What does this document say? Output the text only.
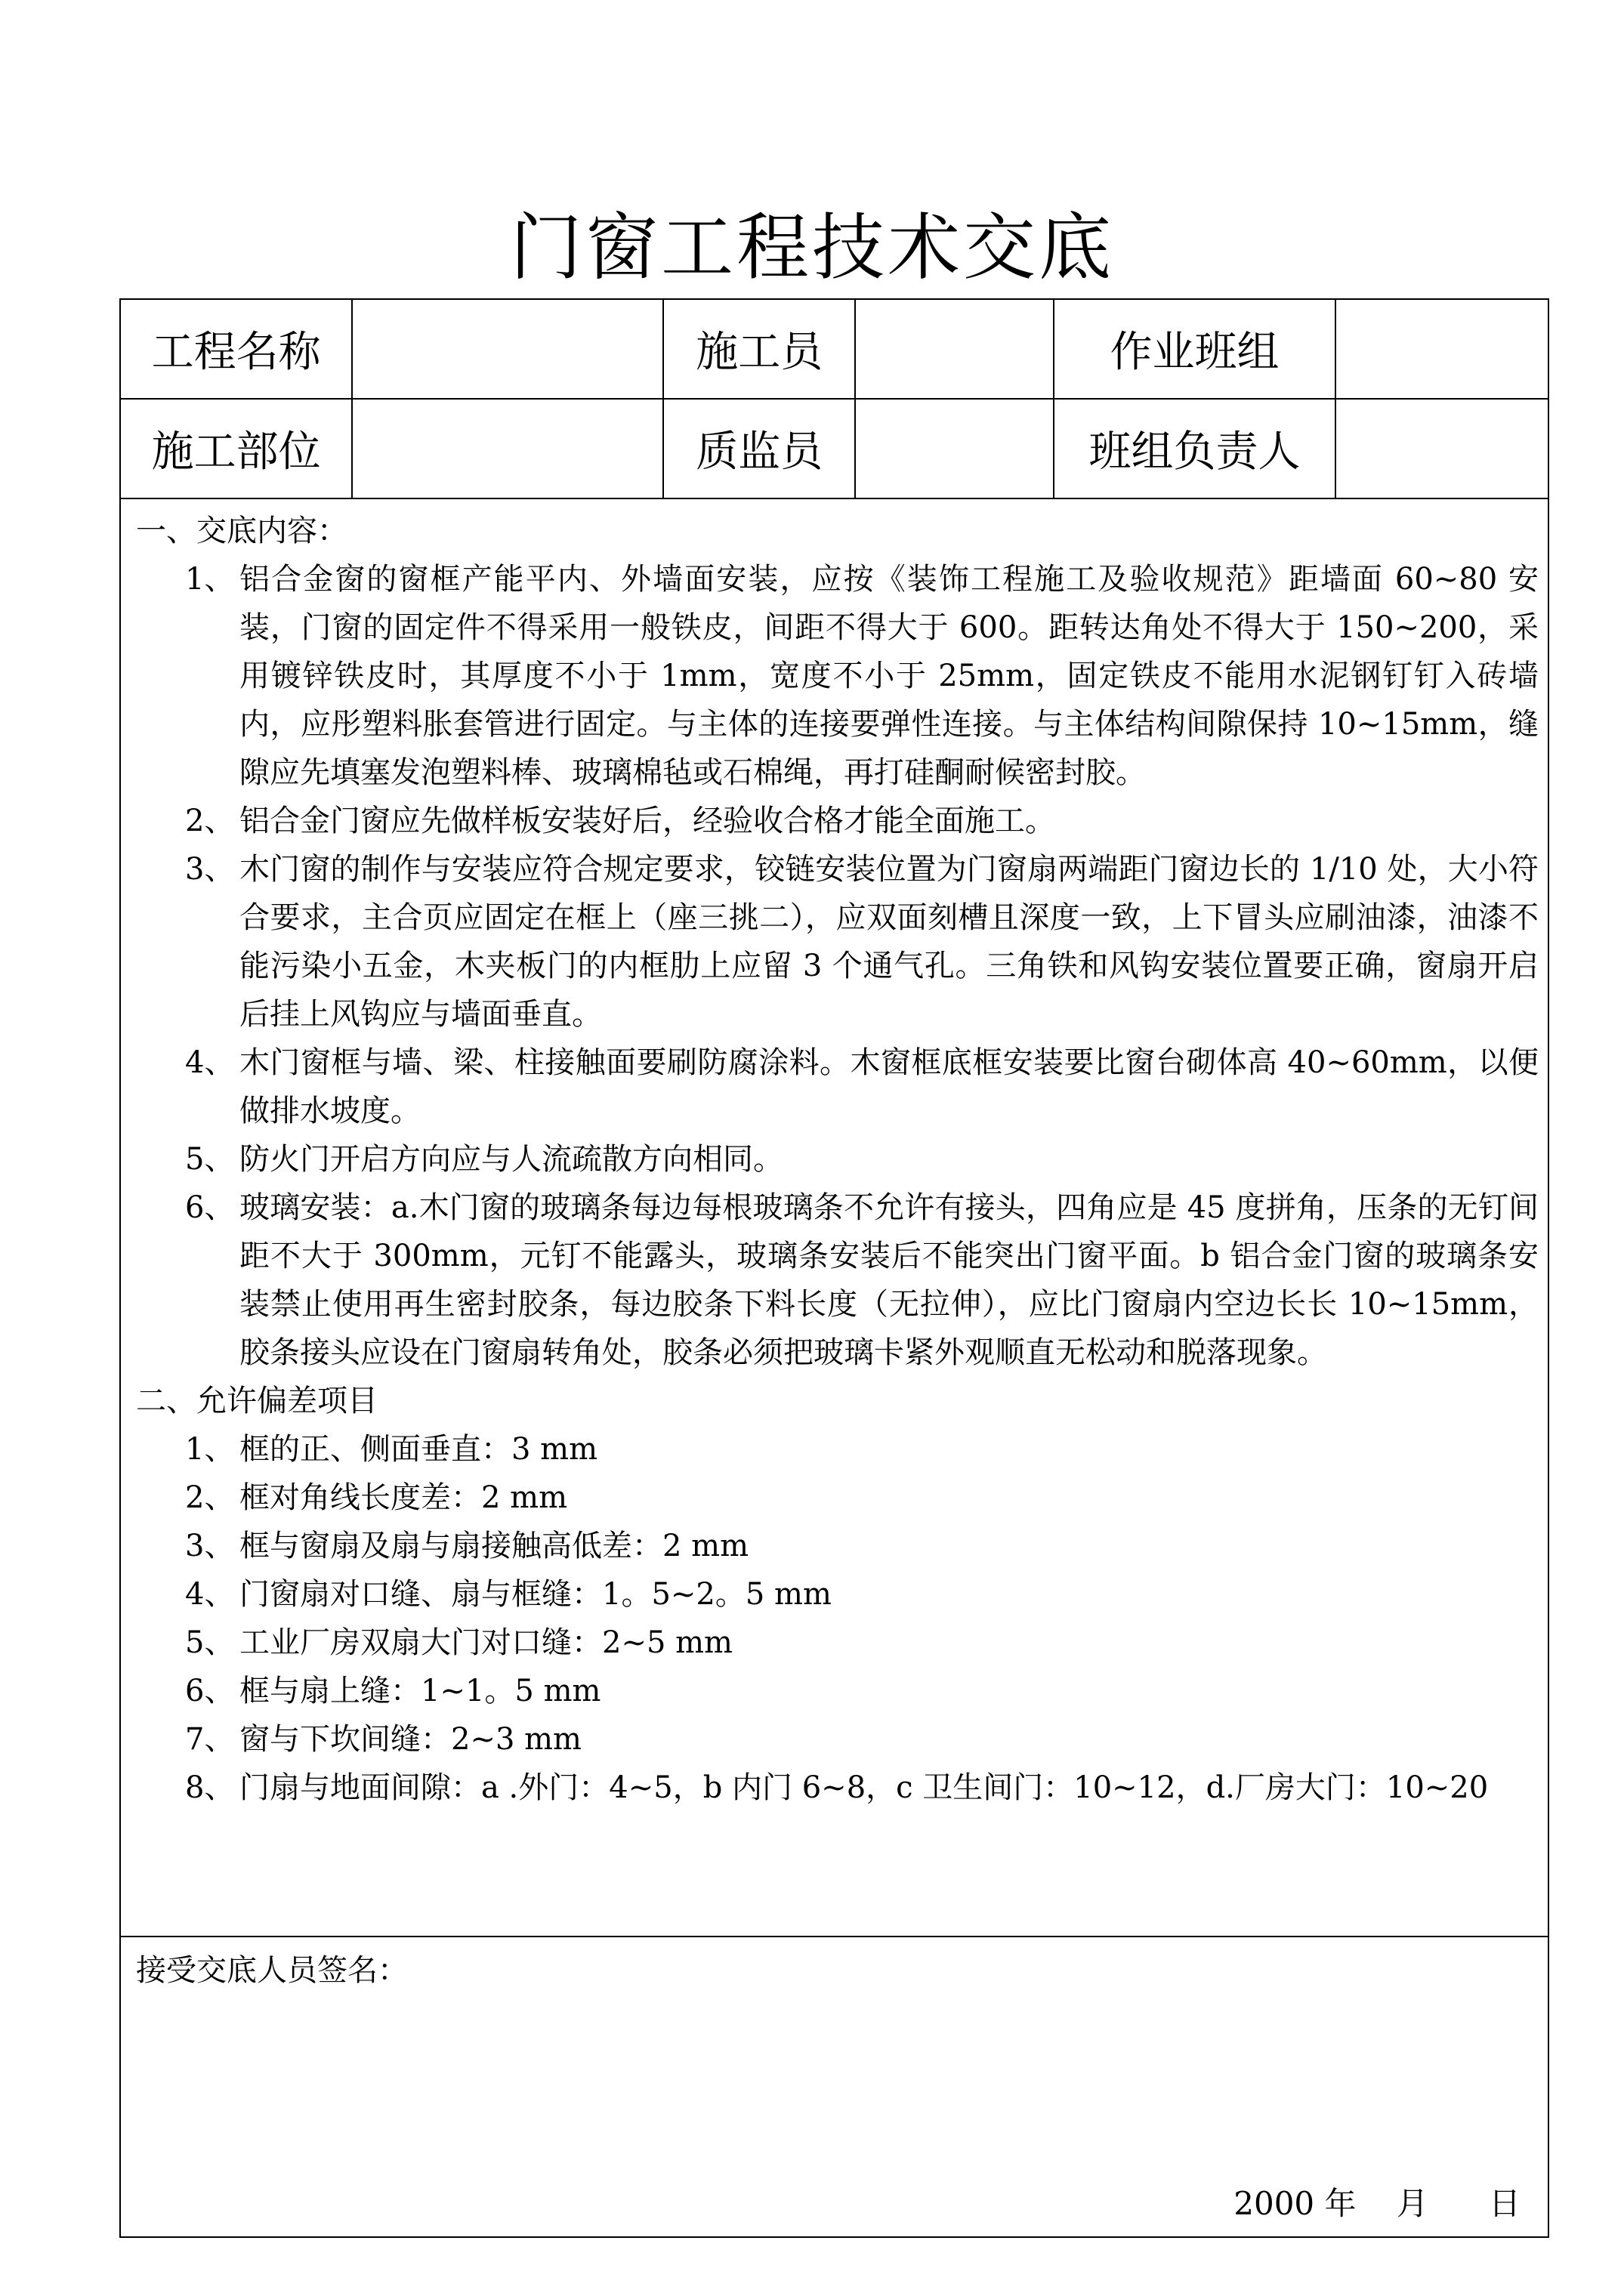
门窗工程技术交底
工程名称	施工员	作业班组
施工部位	质监员	班组负责人
一、交底内容：
1、 铝合金窗的窗框产能平内、外墙面安装，应按《装饰工程施工及验收规范》距墙面 60~80 安装，门窗的固定件不得采用一般铁皮，间距不得大于 600。距转达角处不得大于 150~200，采用镀锌铁皮时，其厚度不小于 1mm，宽度不小于 25mm，固定铁皮不能用水泥钢钉钉入砖墙内，应彤塑料胀套管进行固定。与主体的连接要弹性连接。与主体结构间隙保持 10~15mm，缝隙应先填塞发泡塑料棒、玻璃棉毡或石棉绳，再打硅酮耐候密封胶。
2、 铝合金门窗应先做样板安装好后，经验收合格才能全面施工。
3、 木门窗的制作与安装应符合规定要求，铰链安装位置为门窗扇两端距门窗边长的 1/10 处，大小符合要求，主合页应固定在框上（座三挑二），应双面刻槽且深度一致，上下冒头应刷油漆，油漆不能污染小五金，木夹板门的内框肋上应留 3 个通气孔。三角铁和风钩安装位置要正确，窗扇开启后挂上风钩应与墙面垂直。
4、 木门窗框与墙、梁、柱接触面要刷防腐涂料。木窗框底框安装要比窗台砌体高 40~60mm，以便做排水坡度。
5、 防火门开启方向应与人流疏散方向相同。
6、 玻璃安装：a.木门窗的玻璃条每边每根玻璃条不允许有接头，四角应是 45 度拼角，压条的无钉间距不大于 300mm，元钉不能露头，玻璃条安装后不能突出门窗平面。b 铝合金门窗的玻璃条安装禁止使用再生密封胶条，每边胶条下料长度（无拉伸），应比门窗扇内空边长长 10~15mm，胶条接头应设在门窗扇转角处，胶条必须把玻璃卡紧外观顺直无松动和脱落现象。
二、允许偏差项目
1、 框的正、侧面垂直：3 mm
2、 框对角线长度差：2 mm
3、 框与窗扇及扇与扇接触高低差：2 mm
4、 门窗扇对口缝、扇与框缝：1。5~2。5 mm
5、 工业厂房双扇大门对口缝：2~5 mm
6、 框与扇上缝：1~1。5 mm
7、 窗与下坎间缝：2~3 mm
8、 门扇与地面间隙：a .外门：4~5，b 内门 6~8，c 卫生间门：10~12，d.厂房大门：10~20
接受交底人员签名：
2000 年    月      日
